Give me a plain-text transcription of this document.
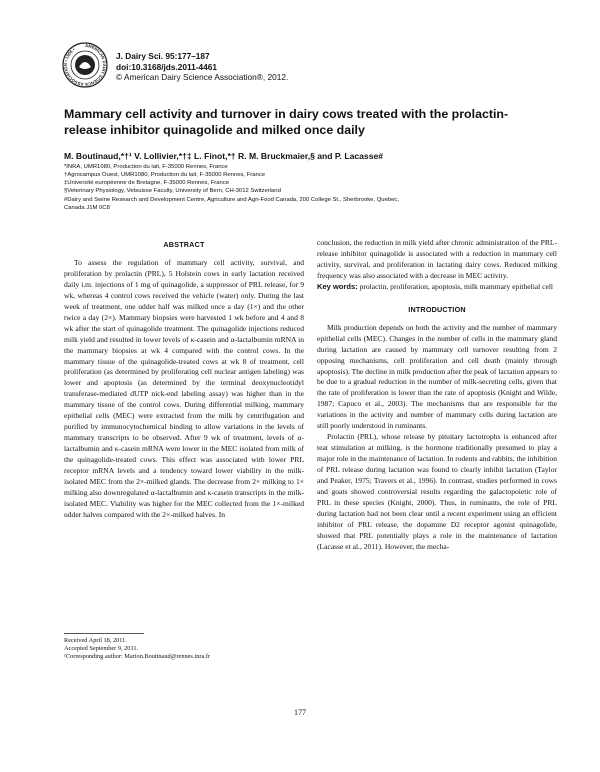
AMERICAN DAIRY SCIENCE ASSOCIATION • 1906 •
J. Dairy Sci. 95:177–187
doi:10.3168/jds.2011-4461
© American Dairy Science Association®, 2012.
Mammary cell activity and turnover in dairy cows treated with the prolactin-release inhibitor quinagolide and milked once daily
M. Boutinaud,*†¹ V. Lollivier,*†‡ L. Finot,*† R. M. Bruckmaier,§ and P. Lacasse#
*INRA, UMR1080, Production du lait, F-35000 Rennes, France
†Agrocampus Ouest, UMR1080, Production du lait, F-35000 Rennes, France
‡Université européenne de Bretagne, F-35000 Rennes, France
§Veterinary Physiology, Vetsuisse Faculty, University of Bern, CH-3012 Switzerland
#Dairy and Swine Research and Development Centre, Agriculture and Agri-Food Canada, 200 College St., Sherbrooke, Quebec,
Canada J1M 0C8
ABSTRACT

To assess the regulation of mammary cell activity, survival, and proliferation by prolactin (PRL), 5 Holstein cows in early lactation received daily i.m. injections of 1 mg of quinagolide, a suppressor of PRL release, for 9 wk, whereas 4 control cows received the vehicle (water) only. During the last week of treatment, one udder half was milked once a day (1×) and the other twice a day (2×). Mammary biopsies were harvested 1 wk before and 4 and 8 wk after the start of quinagolide treatment. The quinagolide injections reduced milk yield and resulted in lower levels of κ-casein and α-lactalbumin mRNA in the mammary biopsies at wk 4 compared with the control cows. In the mammary tissue of the quinagolide-treated cows at wk 8 of treatment, cell proliferation (as determined by proliferating cell nuclear antigen labeling) was lower and apoptosis (as determined by the terminal deoxynucleotidyl transferase-mediated dUTP nick-end labeling assay) was higher than in the mammary tissue of the control cows. During differential milking, mammary epithelial cells (MEC) were extracted from the milk by centrifugation and purified by immunocytochemical binding to allow variations in the levels of mammary transcripts to be observed. After 9 wk of treatment, levels of α-lactalbumin and κ-casein mRNA were lower in the MEC isolated from milk of the quinagolide-treated cows. This effect was associated with lower PRL receptor mRNA levels and a tendency toward lower viability in the milk-isolated MEC from the 2×-milked glands. The decrease from 2× milking to 1× milking also downregulated α-lactalbumin and κ-casein transcripts in the milk-isolated MEC. Viability was higher for the MEC collected from the 1×-milked udder halves compared with the 2×-milked halves. In

conclusion, the reduction in milk yield after chronic administration of the PRL-release inhibitor quinagolide is associated with a reduction in mammary cell activity, survival, and proliferation in lactating dairy cows. Reduced milking frequency was also associated with a decrease in MEC activity.

Key words: prolactin, proliferation, apoptosis, milk mammary epithelial cell

INTRODUCTION

Milk production depends on both the activity and the number of mammary epithelial cells (MEC). Changes in the number of cells in the mammary gland during lactation are caused by mammary cell turnover resulting from 2 opposing mechanisms, cell proliferation and cell death (mainly through apoptosis). The decline in milk production after the peak of lactation appears to be due to a gradual reduction in the number of milk-secreting cells, given that the rate of proliferation is lower than the rate of apoptosis (Knight and Wilde, 1987; Capuco et al., 2003). The mechanisms that are responsible for the variations in the activity and number of mammary cells during lactation are still poorly understood in ruminants.

Prolactin (PRL), whose release by pituitary lactotrophs is enhanced after teat stimulation at milking, is the hormone traditionally presumed to play a major role in the maintenance of lactation. In rodents and rabbits, the inhibition of PRL release during lactation was found to clearly inhibit lactation (Taylor and Peaker, 1975; Travers et al., 1996). In contrast, studies performed in cows and goats showed controversial results regarding the galactopoietic role of PRL in these species (Knight, 2000). Thus, in ruminants, the role of PRL during lactation had not been clear until a recent experiment using an efficient inhibitor of PRL release, the dopamine D2 receptor agonist quinagolide, showed that PRL potentially plays a role in the maintenance of lactation (Lacasse et al., 2011). However, the mecha-

Received April 18, 2011.
Accepted September 9, 2011.
¹Corresponding author: Marion.Boutinaud@rennes.inra.fr
177
